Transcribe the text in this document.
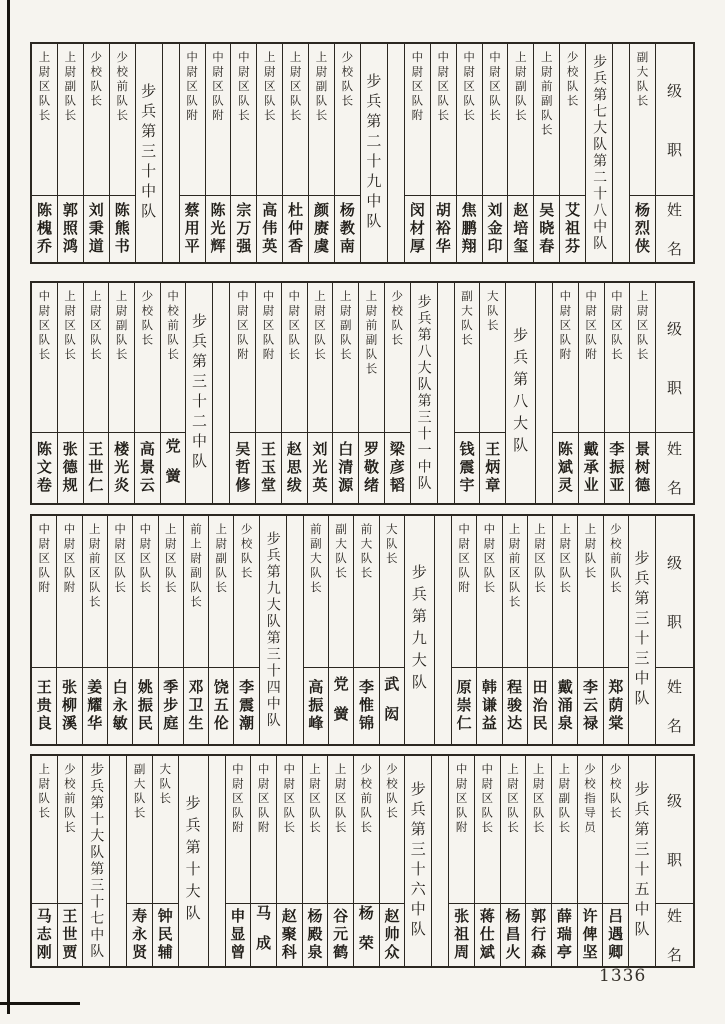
级
职
姓
名
副大队长
杨烈侠
步兵第七大队第二十八中队
少校队长
艾祖芬
上尉前副队长
吴晓春
上尉副队长
赵培玺
中尉区队长
刘金印
中尉区队长
焦鹏翔
中尉区队长
胡裕华
中尉区队附
闵材厚
步兵第二十九中队
少校队长
杨教南
上尉副队长
颜赓虞
上尉区队长
杜仲香
上尉区队长
高伟英
中尉区队长
宗万强
中尉区队附
陈光辉
中尉区队附
蔡用平
步兵第三十中队
少校前队长
陈熊书
少校队长
刘秉道
上尉副队长
郭照鸿
上尉区队长
陈槐乔
级
职
姓
名
上尉区队长
景树德
中尉区队长
李振亚
中尉区队附
戴承业
中尉区队附
陈斌灵
步兵第八大队
大队长
王炳章
副大队长
钱震宇
步兵第八大队第三十一中队
少校队长
梁彦韬
上尉前副队长
罗敬绪
上尉副队长
白清源
上尉区队长
刘光英
中尉区队长
赵思绂
中尉区队附
王玉堂
中尉区队附
吴哲修
步兵第三十二中队
中校前队长
党黉
少校队长
高景云
上尉副队长
楼光炎
上尉区队长
王世仁
上尉区队长
张德规
中尉区队长
陈文卷
级
职
姓
名
步兵第三十三中队
少校前队长
郑荫棠
上尉队长
李云禄
上尉区队长
戴涌泉
上尉区队长
田治民
上尉前区队长
程骏达
中尉区队长
韩谦益
中尉区队附
原崇仁
步兵第九大队
大队长
武闳
前大队长
李惟锦
副大队长
党黉
前副大队长
高振峰
步兵第九大队第三十四中队
少校队长
李震潮
上尉副队长
饶五伦
前上尉副队长
邓卫生
上尉区队长
季步庭
中尉区队长
姚振民
中尉区队长
白永敏
上尉前区队长
姜耀华
中尉区队附
张柳溪
中尉区队附
王贵良
级
职
姓
名
步兵第三十五中队
少校队长
吕遇卿
少校指导员
许俾坚
上尉副队长
薛瑞亭
上尉区队长
郭行森
上尉区队长
杨昌火
中尉区队长
蒋仕斌
中尉区队附
张祖周
步兵第三十六中队
少校队长
赵帅众
少校前队长
杨荣
上尉区队长
谷元鹤
上尉区队长
杨殿泉
中尉区队长
赵聚科
中尉区队附
马成
中尉区队附
申显曾
步兵第十大队
大队长
钟民辅
副大队长
寿永贤
步兵第十大队第三十七中队
少校前队长
王世贾
上尉队长
马志刚
1336
